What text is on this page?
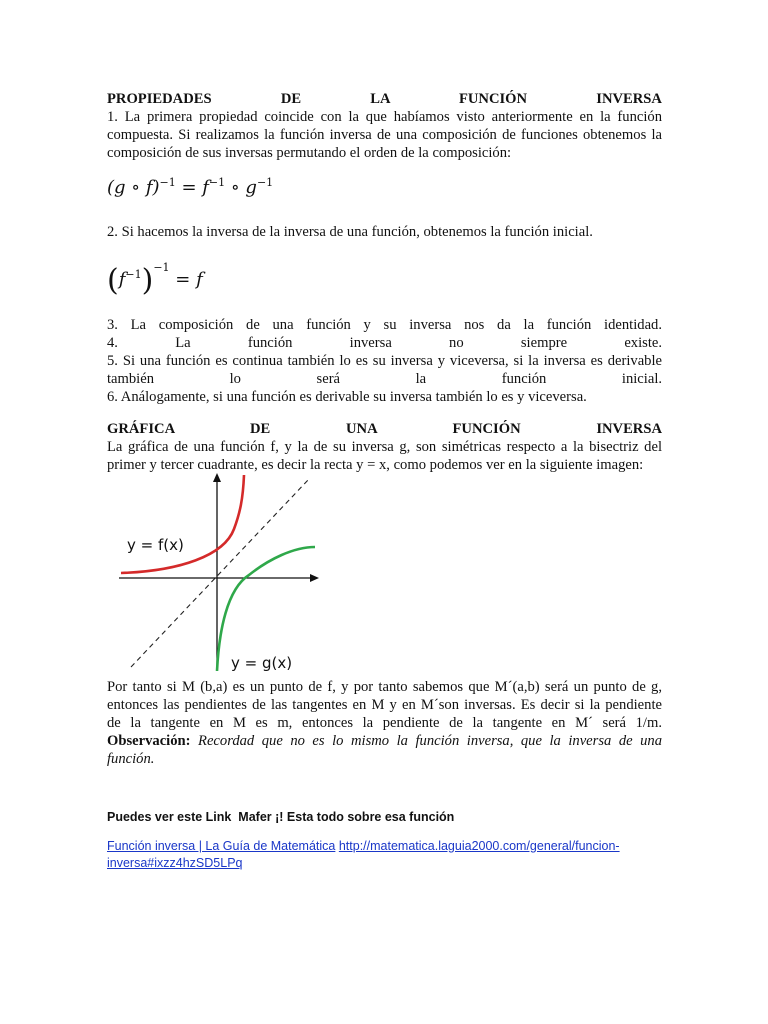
PROPIEDADES	DE	LA	FUNCIÓN	INVERSA
1. La primera propiedad coincide con la que habíamos visto anteriormente en la función
compuesta. Si realizamos la función inversa de una composición de funciones obtenemos la
composición de sus inversas permutando el orden de la composición:
(g ∘ $f)^{-1} = f^{-1}$ ∘ $g^{-1}$
2. Si hacemos la inversa de la inversa de una función, obtenemos la función inicial.
$(f^{-1})^{-1} = f$
3. La composición de una función y su inversa nos da la función identidad.
4.	La	función	inversa	no	siempre	existe.
5. Si una función es continua también lo es su inversa y viceversa, si la inversa es derivable
también	lo	será	la	función	inicial.
6. Análogamente, si una función es derivable su inversa también lo es y viceversa.
GRÁFICA	DE	UNA	FUNCIÓN	INVERSA
La gráfica de una función f, y la de su inversa g, son simétricas respecto a la bisectriz del
primer y tercer cuadrante, es decir la recta y = x, como podemos ver en la siguiente imagen:
y = f(x)
y = g(x)
Por tanto si M (b,a) es un punto de f, y por tanto sabemos que M´(a,b) será un punto de g,
entonces las pendientes de las tangentes en M y en M´son inversas. Es decir si la pendiente
de la tangente en M es m, entonces la pendiente de la tangente en M´ será 1/m.
Observación: Recordad que no es lo mismo la función inversa, que la inversa de una
función.
Puedes ver este Link  Mafer ¡! Esta todo sobre esa función
Función inversa | La Guía de Matemática http://matematica.laguia2000.com/general/funcion-
inversa#ixzz4hzSD5LPq
